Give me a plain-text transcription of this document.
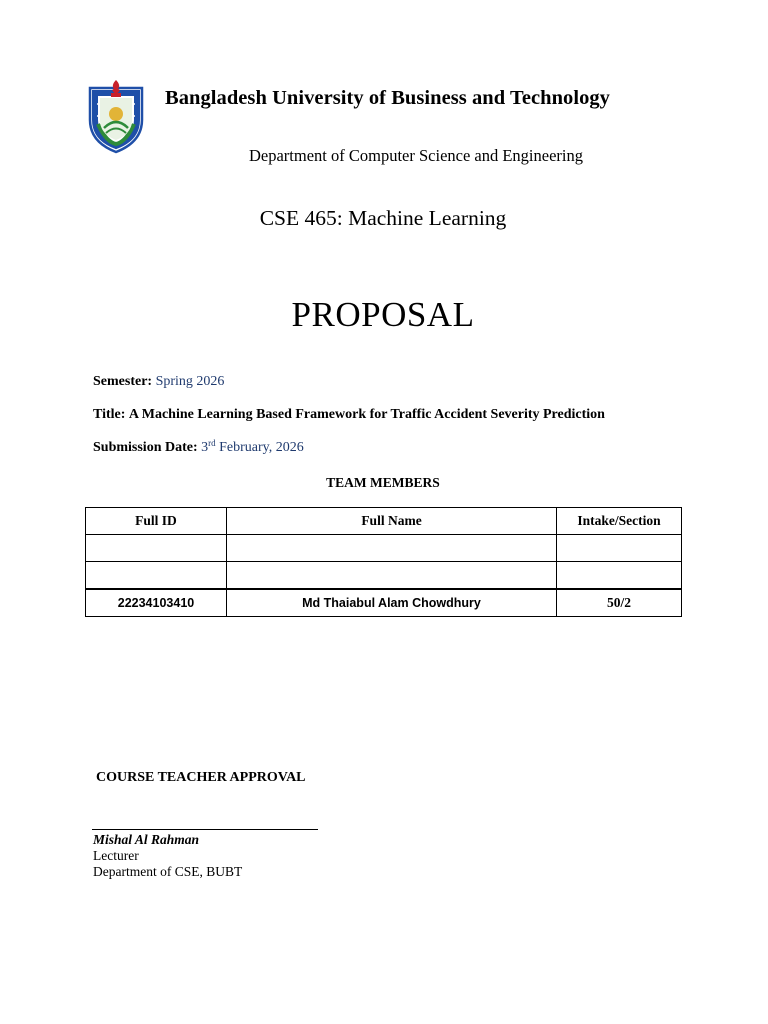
Bangladesh University of Business and Technology
Department of Computer Science and Engineering
CSE 465: Machine Learning
PROPOSAL
Semester: Spring 2026
Title: A Machine Learning Based Framework for Traffic Accident Severity Prediction
Submission Date: 3rd February, 2026
TEAM MEMBERS
Full ID	Full Name	Intake/Section

22234103410	Md Thaiabul Alam Chowdhury	50/2
COURSE TEACHER APPROVAL
Mishal Al Rahman
Lecturer
Department of CSE, BUBT
